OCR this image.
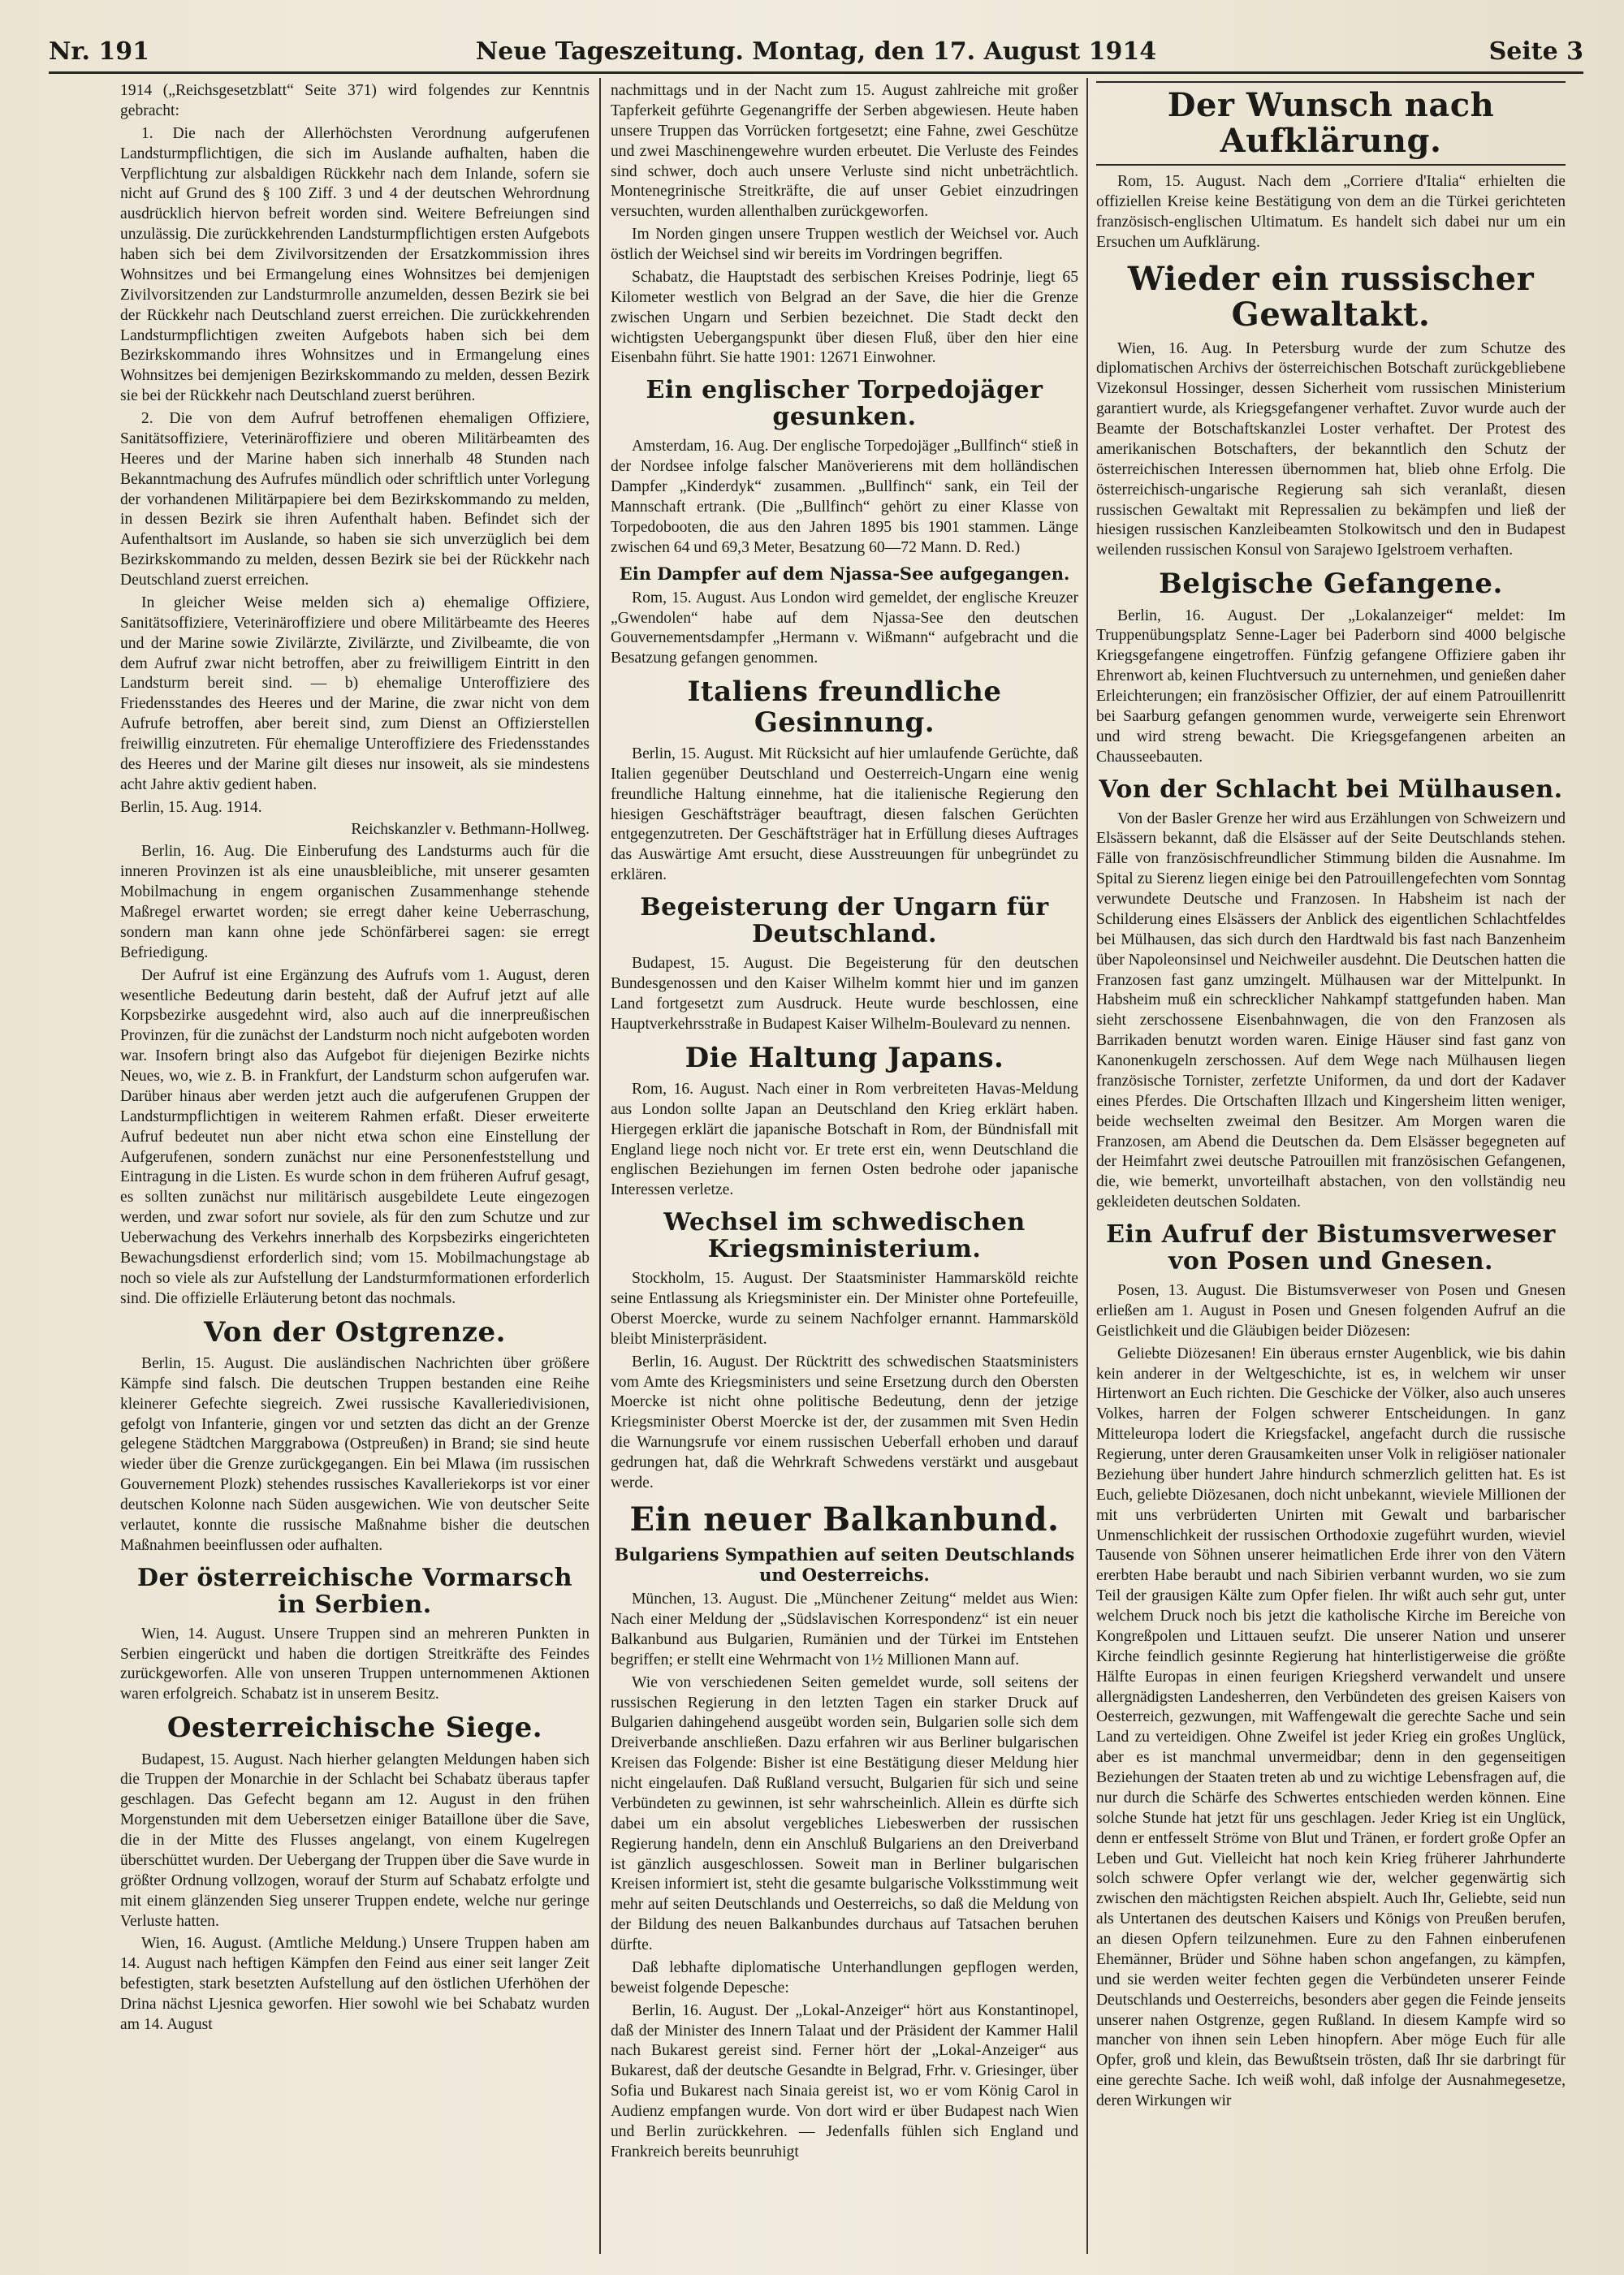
Nr. 191	Neue Tageszeitung. Montag, den 17. August 1914	Seite 3

1914 („Reichsgesetzblatt“ Seite 371) wird folgendes zur Kenntnis gebracht:

1. Die nach der Allerhöchsten Verordnung aufgerufenen Landsturmpflichtigen, die sich im Auslande aufhalten, haben die Verpflichtung zur alsbaldigen Rückkehr nach dem Inlande, sofern sie nicht auf Grund des § 100 Ziff. 3 und 4 der deutschen Wehrordnung ausdrücklich hiervon befreit worden sind. Weitere Befreiungen sind unzulässig. Die zurückkehrenden Landsturmpflichtigen ersten Aufgebots haben sich bei dem Zivilvorsitzenden der Ersatzkommission ihres Wohnsitzes und bei Ermangelung eines Wohnsitzes bei demjenigen Zivilvorsitzenden zur Landsturmrolle anzumelden, dessen Bezirk sie bei der Rückkehr nach Deutschland zuerst erreichen. Die zurückkehrenden Landsturmpflichtigen zweiten Aufgebots haben sich bei dem Bezirkskommando ihres Wohnsitzes und in Ermangelung eines Wohnsitzes bei demjenigen Bezirkskommando zu melden, dessen Bezirk sie bei der Rückkehr nach Deutschland zuerst berühren.

2. Die von dem Aufruf betroffenen ehemaligen Offiziere, Sanitätsoffiziere, Veterinäroffiziere und oberen Militärbeamten des Heeres und der Marine haben sich innerhalb 48 Stunden nach Bekanntmachung des Aufrufes mündlich oder schriftlich unter Vorlegung der vorhandenen Militärpapiere bei dem Bezirkskommando zu melden, in dessen Bezirk sie ihren Aufenthalt haben. Befindet sich der Aufenthaltsort im Auslande, so haben sie sich unverzüglich bei dem Bezirkskommando zu melden, dessen Bezirk sie bei der Rückkehr nach Deutschland zuerst erreichen.

In gleicher Weise melden sich a) ehemalige Offiziere, Sanitätsoffiziere, Veterinäroffiziere und obere Militärbeamte des Heeres und der Marine sowie Zivilärzte, Zivilärzte, und Zivilbeamte, die von dem Aufruf zwar nicht betroffen, aber zu freiwilligem Eintritt in den Landsturm bereit sind. — b) ehemalige Unteroffiziere des Friedensstandes des Heeres und der Marine, die zwar nicht von dem Aufrufe betroffen, aber bereit sind, zum Dienst an Offizierstellen freiwillig einzutreten. Für ehemalige Unteroffiziere des Friedensstandes des Heeres und der Marine gilt dieses nur insoweit, als sie mindestens acht Jahre aktiv gedient haben.

Berlin, 15. Aug. 1914.

Reichskanzler v. Bethmann-Hollweg.

Berlin, 16. Aug. Die Einberufung des Landsturms auch für die inneren Provinzen ist als eine unausbleibliche, mit unserer gesamten Mobilmachung in engem organischen Zusammenhange stehende Maßregel erwartet worden; sie erregt daher keine Ueberraschung, sondern man kann ohne jede Schönfärberei sagen: sie erregt Befriedigung.

Der Aufruf ist eine Ergänzung des Aufrufs vom 1. August, deren wesentliche Bedeutung darin besteht, daß der Aufruf jetzt auf alle Korpsbezirke ausgedehnt wird, also auch auf die innerpreußischen Provinzen, für die zunächst der Landsturm noch nicht aufgeboten worden war. Insofern bringt also das Aufgebot für diejenigen Bezirke nichts Neues, wo, wie z. B. in Frankfurt, der Landsturm schon aufgerufen war. Darüber hinaus aber werden jetzt auch die aufgerufenen Gruppen der Landsturmpflichtigen in weiterem Rahmen erfaßt. Dieser erweiterte Aufruf bedeutet nun aber nicht etwa schon eine Einstellung der Aufgerufenen, sondern zunächst nur eine Personenfeststellung und Eintragung in die Listen. Es wurde schon in dem früheren Aufruf gesagt, es sollten zunächst nur militärisch ausgebildete Leute eingezogen werden, und zwar sofort nur soviele, als für den zum Schutze und zur Ueberwachung des Verkehrs innerhalb des Korpsbezirks eingerichteten Bewachungsdienst erforderlich sind; vom 15. Mobilmachungstage ab noch so viele als zur Aufstellung der Landsturmformationen erforderlich sind. Die offizielle Erläuterung betont das nochmals.

Von der Ostgrenze.

Berlin, 15. August. Die ausländischen Nachrichten über größere Kämpfe sind falsch. Die deutschen Truppen bestanden eine Reihe kleinerer Gefechte siegreich. Zwei russische Kavalleriedivisionen, gefolgt von Infanterie, gingen vor und setzten das dicht an der Grenze gelegene Städtchen Marggrabowa (Ostpreußen) in Brand; sie sind heute wieder über die Grenze zurückgegangen. Ein bei Mlawa (im russischen Gouvernement Plozk) stehendes russisches Kavalleriekorps ist vor einer deutschen Kolonne nach Süden ausgewichen. Wie von deutscher Seite verlautet, konnte die russische Maßnahme bisher die deutschen Maßnahmen beeinflussen oder aufhalten.

Der österreichische Vormarsch in Serbien.

Wien, 14. August. Unsere Truppen sind an mehreren Punkten in Serbien eingerückt und haben die dortigen Streitkräfte des Feindes zurückgeworfen. Alle von unseren Truppen unternommenen Aktionen waren erfolgreich. Schabatz ist in unserem Besitz.

Oesterreichische Siege.

Budapest, 15. August. Nach hierher gelangten Meldungen haben sich die Truppen der Monarchie in der Schlacht bei Schabatz überaus tapfer geschlagen. Das Gefecht begann am 12. August in den frühen Morgenstunden mit dem Uebersetzen einiger Bataillone über die Save, die in der Mitte des Flusses angelangt, von einem Kugelregen überschüttet wurden. Der Uebergang der Truppen über die Save wurde in größter Ordnung vollzogen, worauf der Sturm auf Schabatz erfolgte und mit einem glänzenden Sieg unserer Truppen endete, welche nur geringe Verluste hatten.

Wien, 16. August. (Amtliche Meldung.) Unsere Truppen haben am 14. August nach heftigen Kämpfen den Feind aus einer seit langer Zeit befestigten, stark besetzten Aufstellung auf den östlichen Uferhöhen der Drina nächst Ljesnica geworfen. Hier sowohl wie bei Schabatz wurden am 14. August

nachmittags und in der Nacht zum 15. August zahlreiche mit großer Tapferkeit geführte Gegenangriffe der Serben abgewiesen. Heute haben unsere Truppen das Vorrücken fortgesetzt; eine Fahne, zwei Geschütze und zwei Maschinengewehre wurden erbeutet. Die Verluste des Feindes sind schwer, doch auch unsere Verluste sind nicht unbeträchtlich. Montenegrinische Streitkräfte, die auf unser Gebiet einzudringen versuchten, wurden allenthalben zurückgeworfen.

Im Norden gingen unsere Truppen westlich der Weichsel vor. Auch östlich der Weichsel sind wir bereits im Vordringen begriffen.

Schabatz, die Hauptstadt des serbischen Kreises Podrinje, liegt 65 Kilometer westlich von Belgrad an der Save, die hier die Grenze zwischen Ungarn und Serbien bezeichnet. Die Stadt deckt den wichtigsten Uebergangspunkt über diesen Fluß, über den hier eine Eisenbahn führt. Sie hatte 1901: 12671 Einwohner.

Ein englischer Torpedojäger gesunken.

Amsterdam, 16. Aug. Der englische Torpedojäger „Bullfinch“ stieß in der Nordsee infolge falscher Manöverierens mit dem holländischen Dampfer „Kinderdyk“ zusammen. „Bullfinch“ sank, ein Teil der Mannschaft ertrank. (Die „Bullfinch“ gehört zu einer Klasse von Torpedobooten, die aus den Jahren 1895 bis 1901 stammen. Länge zwischen 64 und 69,3 Meter, Besatzung 60—72 Mann. D. Red.)

Ein Dampfer auf dem Njassa-See aufgegangen.

Rom, 15. August. Aus London wird gemeldet, der englische Kreuzer „Gwendolen“ habe auf dem Njassa-See den deutschen Gouvernementsdampfer „Hermann v. Wißmann“ aufgebracht und die Besatzung gefangen genommen.

Italiens freundliche Gesinnung.

Berlin, 15. August. Mit Rücksicht auf hier umlaufende Gerüchte, daß Italien gegenüber Deutschland und Oesterreich-Ungarn eine wenig freundliche Haltung einnehme, hat die italienische Regierung den hiesigen Geschäftsträger beauftragt, diesen falschen Gerüchten entgegenzutreten. Der Geschäftsträger hat in Erfüllung dieses Auftrages das Auswärtige Amt ersucht, diese Ausstreuungen für unbegründet zu erklären.

Begeisterung der Ungarn für Deutschland.

Budapest, 15. August. Die Begeisterung für den deutschen Bundesgenossen und den Kaiser Wilhelm kommt hier und im ganzen Land fortgesetzt zum Ausdruck. Heute wurde beschlossen, eine Hauptverkehrsstraße in Budapest Kaiser Wilhelm-Boulevard zu nennen.

Die Haltung Japans.

Rom, 16. August. Nach einer in Rom verbreiteten Havas-Meldung aus London sollte Japan an Deutschland den Krieg erklärt haben. Hiergegen erklärt die japanische Botschaft in Rom, der Bündnisfall mit England liege noch nicht vor. Er trete erst ein, wenn Deutschland die englischen Beziehungen im fernen Osten bedrohe oder japanische Interessen verletze.

Wechsel im schwedischen Kriegsministerium.

Stockholm, 15. August. Der Staatsminister Hammarsköld reichte seine Entlassung als Kriegsminister ein. Der Minister ohne Portefeuille, Oberst Moercke, wurde zu seinem Nachfolger ernannt. Hammarsköld bleibt Ministerpräsident.

Berlin, 16. August. Der Rücktritt des schwedischen Staatsministers vom Amte des Kriegsministers und seine Ersetzung durch den Obersten Moercke ist nicht ohne politische Bedeutung, denn der jetzige Kriegsminister Oberst Moercke ist der, der zusammen mit Sven Hedin die Warnungsrufe vor einem russischen Ueberfall erhoben und darauf gedrungen hat, daß die Wehrkraft Schwedens verstärkt und ausgebaut werde.

Ein neuer Balkanbund.
Bulgariens Sympathien auf seiten Deutschlands und Oesterreichs.

München, 13. August. Die „Münchener Zeitung“ meldet aus Wien: Nach einer Meldung der „Südslavischen Korrespondenz“ ist ein neuer Balkanbund aus Bulgarien, Rumänien und der Türkei im Entstehen begriffen; er stellt eine Wehrmacht von 1½ Millionen Mann auf.

Wie von verschiedenen Seiten gemeldet wurde, soll seitens der russischen Regierung in den letzten Tagen ein starker Druck auf Bulgarien dahingehend ausgeübt worden sein, Bulgarien solle sich dem Dreiverbande anschließen. Dazu erfahren wir aus Berliner bulgarischen Kreisen das Folgende: Bisher ist eine Bestätigung dieser Meldung hier nicht eingelaufen. Daß Rußland versucht, Bulgarien für sich und seine Verbündeten zu gewinnen, ist sehr wahrscheinlich. Allein es dürfte sich dabei um ein absolut vergebliches Liebeswerben der russischen Regierung handeln, denn ein Anschluß Bulgariens an den Dreiverband ist gänzlich ausgeschlossen. Soweit man in Berliner bulgarischen Kreisen informiert ist, steht die gesamte bulgarische Volksstimmung weit mehr auf seiten Deutschlands und Oesterreichs, so daß die Meldung von der Bildung des neuen Balkanbundes durchaus auf Tatsachen beruhen dürfte.

Daß lebhafte diplomatische Unterhandlungen gepflogen werden, beweist folgende Depesche:

Berlin, 16. August. Der „Lokal-Anzeiger“ hört aus Konstantinopel, daß der Minister des Innern Talaat und der Präsident der Kammer Halil nach Bukarest gereist sind. Ferner hört der „Lokal-Anzeiger“ aus Bukarest, daß der deutsche Gesandte in Belgrad, Frhr. v. Griesinger, über Sofia und Bukarest nach Sinaia gereist ist, wo er vom König Carol in Audienz empfangen wurde. Von dort wird er über Budapest nach Wien und Berlin zurückkehren. — Jedenfalls fühlen sich England und Frankreich bereits beunruhigt

Der Wunsch nach Aufklärung.

Rom, 15. August. Nach dem „Corriere d'Italia“ erhielten die offiziellen Kreise keine Bestätigung von dem an die Türkei gerichteten französisch-englischen Ultimatum. Es handelt sich dabei nur um ein Ersuchen um Aufklärung.

Wieder ein russischer Gewaltakt.

Wien, 16. Aug. In Petersburg wurde der zum Schutze des diplomatischen Archivs der österreichischen Botschaft zurückgebliebene Vizekonsul Hossinger, dessen Sicherheit vom russischen Ministerium garantiert wurde, als Kriegsgefangener verhaftet. Zuvor wurde auch der Beamte der Botschaftskanzlei Loster verhaftet. Der Protest des amerikanischen Botschafters, der bekanntlich den Schutz der österreichischen Interessen übernommen hat, blieb ohne Erfolg. Die österreichisch-ungarische Regierung sah sich veranlaßt, diesen russischen Gewaltakt mit Repressalien zu bekämpfen und ließ der hiesigen russischen Kanzleibeamten Stolkowitsch und den in Budapest weilenden russischen Konsul von Sarajewo Igelstroem verhaften.

Belgische Gefangene.

Berlin, 16. August. Der „Lokalanzeiger“ meldet: Im Truppenübungsplatz Senne-Lager bei Paderborn sind 4000 belgische Kriegsgefangene eingetroffen. Fünfzig gefangene Offiziere gaben ihr Ehrenwort ab, keinen Fluchtversuch zu unternehmen, und genießen daher Erleichterungen; ein französischer Offizier, der auf einem Patrouillenritt bei Saarburg gefangen genommen wurde, verweigerte sein Ehrenwort und wird streng bewacht. Die Kriegsgefangenen arbeiten an Chausseebauten.

Von der Schlacht bei Mülhausen.

Von der Basler Grenze her wird aus Erzählungen von Schweizern und Elsässern bekannt, daß die Elsässer auf der Seite Deutschlands stehen. Fälle von französischfreundlicher Stimmung bilden die Ausnahme. Im Spital zu Sierenz liegen einige bei den Patrouillengefechten vom Sonntag verwundete Deutsche und Franzosen. In Habsheim ist nach der Schilderung eines Elsässers der Anblick des eigentlichen Schlachtfeldes bei Mülhausen, das sich durch den Hardtwald bis fast nach Banzenheim über Napoleonsinsel und Neichweiler ausdehnt. Die Deutschen hatten die Franzosen fast ganz umzingelt. Mülhausen war der Mittelpunkt. In Habsheim muß ein schrecklicher Nahkampf stattgefunden haben. Man sieht zerschossene Eisenbahnwagen, die von den Franzosen als Barrikaden benutzt worden waren. Einige Häuser sind fast ganz von Kanonenkugeln zerschossen. Auf dem Wege nach Mülhausen liegen französische Tornister, zerfetzte Uniformen, da und dort der Kadaver eines Pferdes. Die Ortschaften Illzach und Kingersheim litten weniger, beide wechselten zweimal den Besitzer. Am Morgen waren die Franzosen, am Abend die Deutschen da. Dem Elsässer begegneten auf der Heimfahrt zwei deutsche Patrouillen mit französischen Gefangenen, die, wie bemerkt, unvorteilhaft abstachen, von den vollständig neu gekleideten deutschen Soldaten.

Ein Aufruf der Bistumsverweser von Posen und Gnesen.

Posen, 13. August. Die Bistumsverweser von Posen und Gnesen erließen am 1. August in Posen und Gnesen folgenden Aufruf an die Geistlichkeit und die Gläubigen beider Diözesen:

Geliebte Diözesanen! Ein überaus ernster Augenblick, wie bis dahin kein anderer in der Weltgeschichte, ist es, in welchem wir unser Hirtenwort an Euch richten. Die Geschicke der Völker, also auch unseres Volkes, harren der Folgen schwerer Entscheidungen. In ganz Mitteleuropa lodert die Kriegsfackel, angefacht durch die russische Regierung, unter deren Grausamkeiten unser Volk in religiöser nationaler Beziehung über hundert Jahre hindurch schmerzlich gelitten hat. Es ist Euch, geliebte Diözesanen, doch nicht unbekannt, wieviele Millionen der mit uns verbrüderten Unirten mit Gewalt und barbarischer Unmenschlichkeit der russischen Orthodoxie zugeführt wurden, wieviel Tausende von Söhnen unserer heimatlichen Erde ihrer von den Vätern ererbten Habe beraubt und nach Sibirien verbannt wurden, wo sie zum Teil der grausigen Kälte zum Opfer fielen. Ihr wißt auch sehr gut, unter welchem Druck noch bis jetzt die katholische Kirche im Bereiche von Kongreßpolen und Littauen seufzt. Die unserer Nation und unserer Kirche feindlich gesinnte Regierung hat hinterlistigerweise die größte Hälfte Europas in einen feurigen Kriegsherd verwandelt und unsere allergnädigsten Landesherren, den Verbündeten des greisen Kaisers von Oesterreich, gezwungen, mit Waffengewalt die gerechte Sache und sein Land zu verteidigen. Ohne Zweifel ist jeder Krieg ein großes Unglück, aber es ist manchmal unvermeidbar; denn in den gegenseitigen Beziehungen der Staaten treten ab und zu wichtige Lebensfragen auf, die nur durch die Schärfe des Schwertes entschieden werden können. Eine solche Stunde hat jetzt für uns geschlagen. Jeder Krieg ist ein Unglück, denn er entfesselt Ströme von Blut und Tränen, er fordert große Opfer an Leben und Gut. Vielleicht hat noch kein Krieg früherer Jahrhunderte solch schwere Opfer verlangt wie der, welcher gegenwärtig sich zwischen den mächtigsten Reichen abspielt. Auch Ihr, Geliebte, seid nun als Untertanen des deutschen Kaisers und Königs von Preußen berufen, an diesen Opfern teilzunehmen. Eure zu den Fahnen einberufenen Ehemänner, Brüder und Söhne haben schon angefangen, zu kämpfen, und sie werden weiter fechten gegen die Verbündeten unserer Feinde Deutschlands und Oesterreichs, besonders aber gegen die Feinde jenseits unserer nahen Ostgrenze, gegen Rußland. In diesem Kampfe wird so mancher von ihnen sein Leben hinopfern. Aber möge Euch für alle Opfer, groß und klein, das Bewußtsein trösten, daß Ihr sie darbringt für eine gerechte Sache. Ich weiß wohl, daß infolge der Ausnahmegesetze, deren Wirkungen wir
